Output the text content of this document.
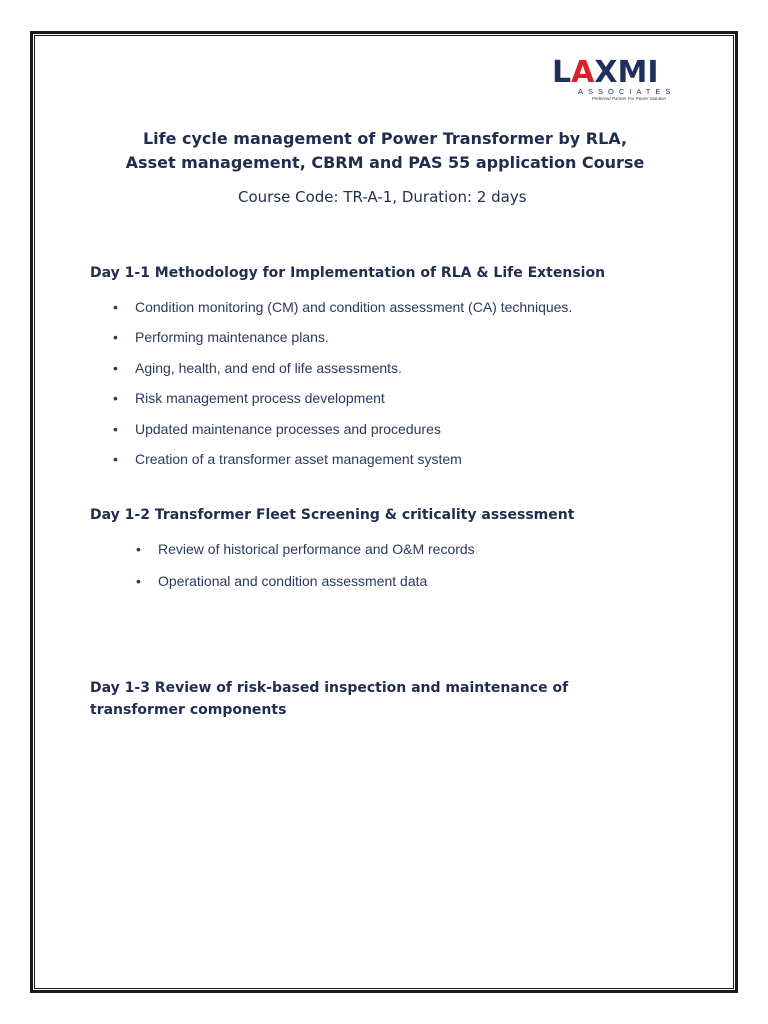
L A XMI
ASSOCIATES
Preferred Partner For Power Solution
Life cycle management of Power Transformer by RLA,
Asset management, CBRM and PAS 55 application Course
Course Code: TR-A-1, Duration: 2 days
Day 1-1 Methodology for Implementation of RLA & Life Extension
• Condition monitoring (CM) and condition assessment (CA) techniques.
• Performing maintenance plans.
• Aging, health, and end of life assessments.
• Risk management process development
• Updated maintenance processes and procedures
• Creation of a transformer asset management system
Day 1-2 Transformer Fleet Screening & criticality assessment
• Review of historical performance and O&M records
• Operational and condition assessment data
Day 1-3 Review of risk-based inspection and maintenance of
transformer components
